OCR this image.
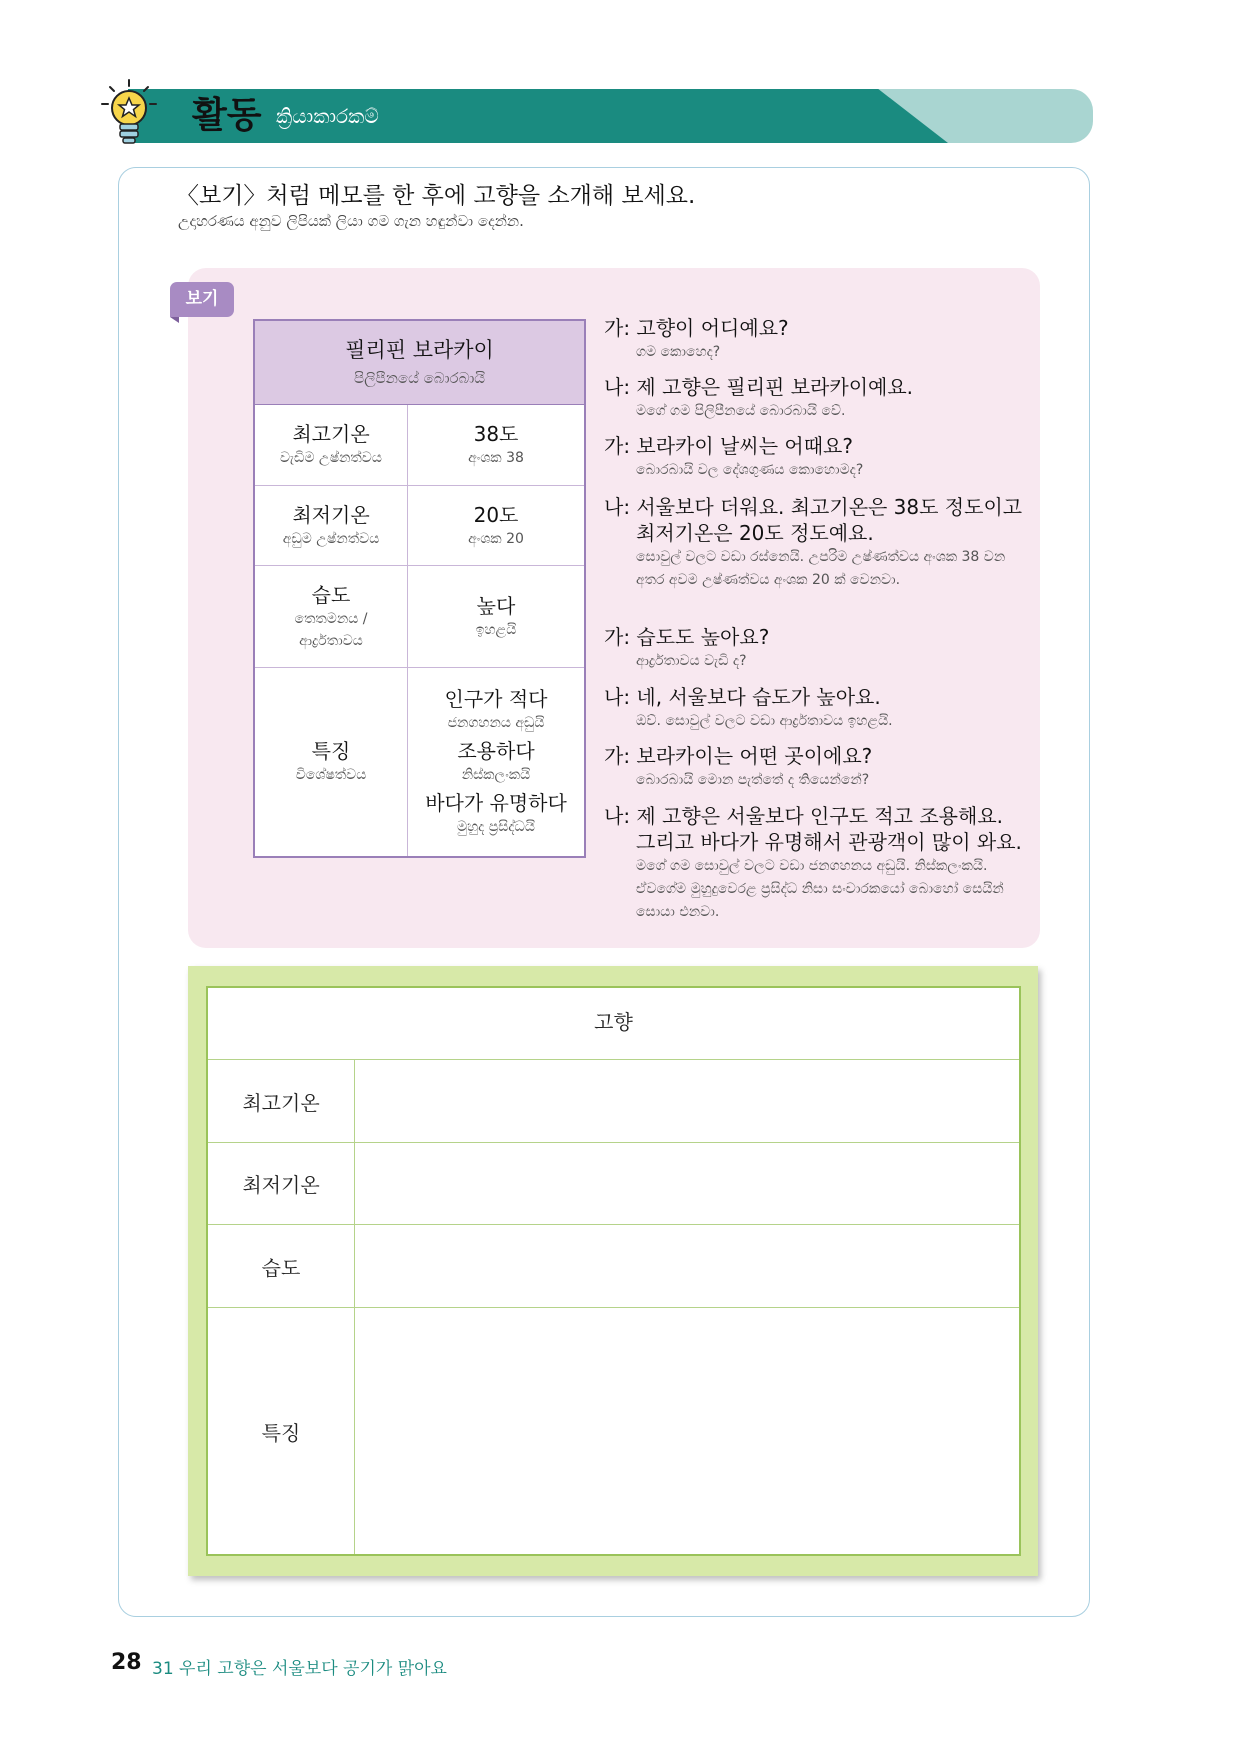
활동 ක්‍රියාකාරකම්
〈보기〉처럼 메모를 한 후에 고향을 소개해 보세요.
උදාහරණය අනුව ලිපියක් ලියා ගම ගැන හඳුන්වා දෙන්න.
보기
필리핀 보라카이
පිලිපීනයේ බොරබායි
최고기온
වැඩිම උෂ්නත්වය
38도
අංශක 38
최저기온
අඩුම උෂ්නත්වය
20도
අංශක 20
습도
තෙතමනය / ආර්ද්‍රතාවය
높다
ඉහළයි
특징
විශේෂත්වය
인구가 적다
ජනගහනය අඩුයි
조용하다
නිස්කලංකයි
바다가 유명하다
මුහුද ප්‍රසිද්ධයි
가: 고향이 어디예요?
ගම කොහෙද?
나: 제 고향은 필리핀 보라카이예요.
මගේ ගම පිලිපීනයේ බොරබායි වේ.
가: 보라카이 날씨는 어때요?
බොරබායි වල දේශගුණය කොහොමද?
나: 서울보다 더워요. 최고기온은 38도 정도이고 최저기온은 20도 정도예요.
සොවුල් වලට වඩා රස්නෙයි. උපරිම උෂ්ණත්වය අංශක 38 වන අතර අවම උෂ්ණත්වය අංශක 20 ක් වෙනවා.
가: 습도도 높아요?
ආර්ද්‍රතාවය වැඩි ද?
나: 네, 서울보다 습도가 높아요.
ඔව්. සොවුල් වලට වඩා ආර්ද්‍රතාවය ඉහළයි.
가: 보라카이는 어떤 곳이에요?
බොරබායි මොන පැත්තේ ද තියෙන්නේ?
나: 제 고향은 서울보다 인구도 적고 조용해요. 그리고 바다가 유명해서 관광객이 많이 와요.
මගේ ගම සොවුල් වලට වඩා ජනගහනය අඩුයි. නිස්කලංකයි. ඒවගේම මුහුදුවෙරළ ප්‍රසිද්ධ නිසා සංචාරකයෝ බොහෝ සෙයින් සොයා එනවා.
고향
최고기온
최저기온
습도
특징
28 31 우리 고향은 서울보다 공기가 맑아요
